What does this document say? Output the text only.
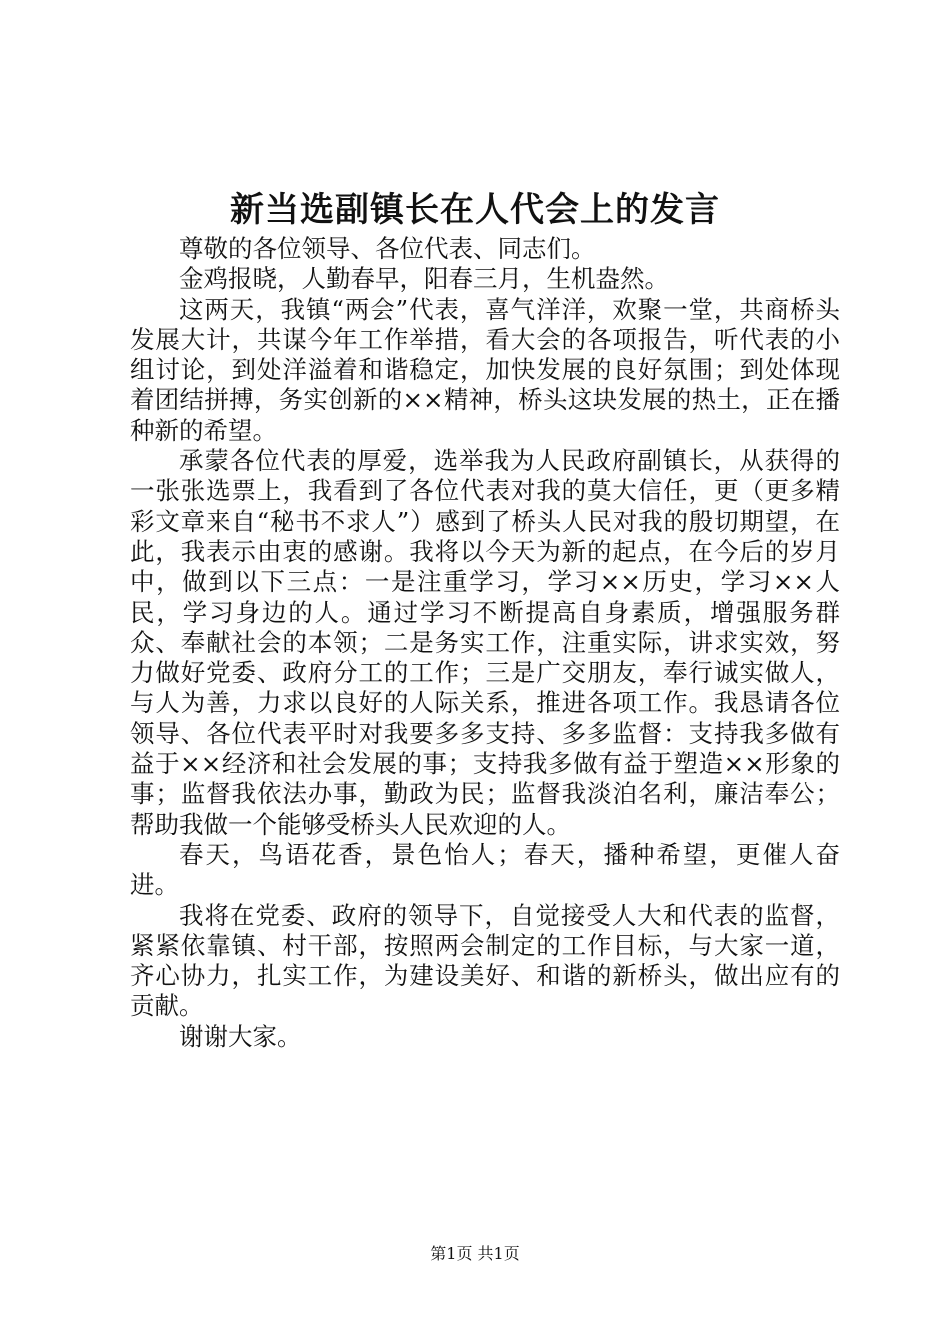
新当选副镇长在人代会上的发言

尊敬的各位领导、各位代表、同志们。

金鸡报晓，人勤春早，阳春三月，生机盎然。

这两天，我镇“两会”代表，喜气洋洋，欢聚一堂，共商桥头发展大计，共谋今年工作举措，看大会的各项报告，听代表的小组讨论，到处洋溢着和谐稳定，加快发展的良好氛围；到处体现着团结拼搏，务实创新的××精神，桥头这块发展的热土，正在播种新的希望。

承蒙各位代表的厚爱，选举我为人民政府副镇长，从获得的一张张选票上，我看到了各位代表对我的莫大信任，更（更多精彩文章来自“秘书不求人”）感到了桥头人民对我的殷切期望，在此，我表示由衷的感谢。我将以今天为新的起点，在今后的岁月中，做到以下三点：一是注重学习，学习××历史，学习××人民，学习身边的人。通过学习不断提高自身素质，增强服务群众、奉献社会的本领；二是务实工作，注重实际，讲求实效，努力做好党委、政府分工的工作；三是广交朋友，奉行诚实做人，与人为善，力求以良好的人际关系，推进各项工作。我恳请各位领导、各位代表平时对我要多多支持、多多监督：支持我多做有益于××经济和社会发展的事；支持我多做有益于塑造××形象的事；监督我依法办事，勤政为民；监督我淡泊名利，廉洁奉公；帮助我做一个能够受桥头人民欢迎的人。

春天，鸟语花香，景色怡人；春天，播种希望，更催人奋进。

我将在党委、政府的领导下，自觉接受人大和代表的监督，紧紧依靠镇、村干部，按照两会制定的工作目标，与大家一道，齐心协力，扎实工作，为建设美好、和谐的新桥头，做出应有的贡献。

谢谢大家。

第1页 共1页
